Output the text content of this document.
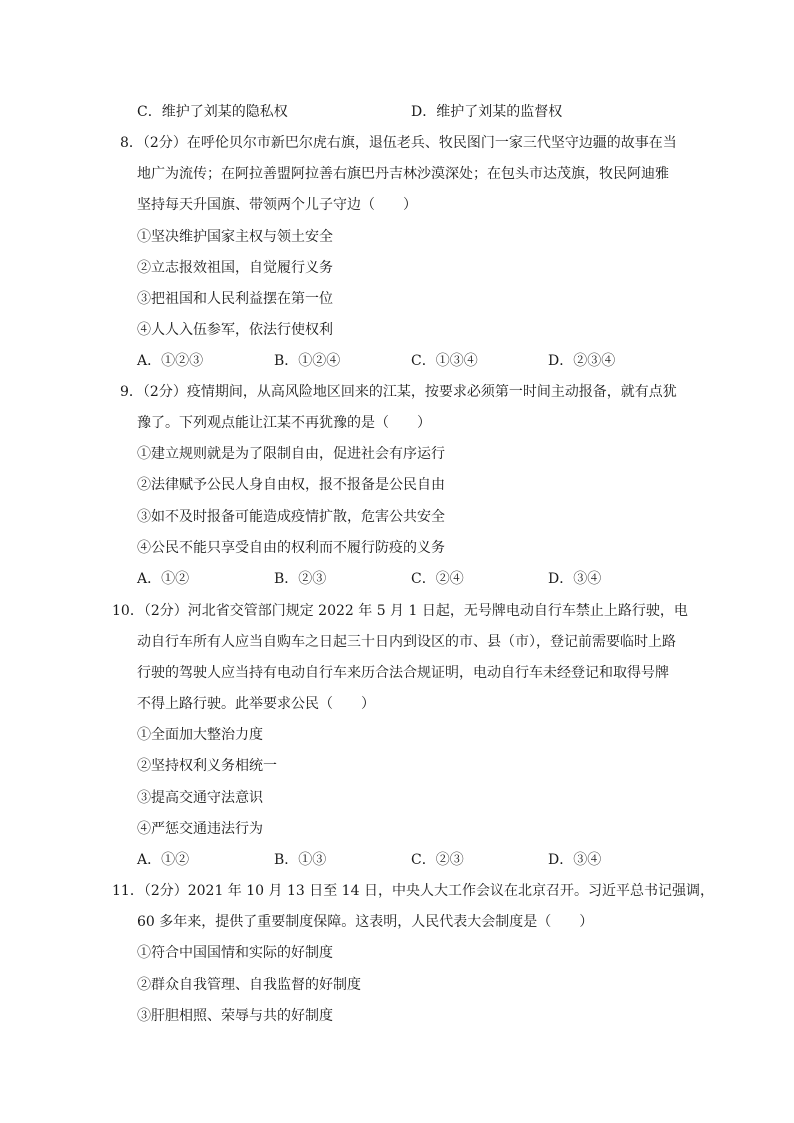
C．维护了刘某的隐私权	D．维护了刘某的监督权
8．（2分）在呼伦贝尔市新巴尔虎右旗，退伍老兵、牧民图门一家三代坚守边疆的故事在当
地广为流传；在阿拉善盟阿拉善右旗巴丹吉林沙漠深处；在包头市达茂旗，牧民阿迪雅
坚持每天升国旗、带领两个儿子守边（　　）
①坚决维护国家主权与领土安全
②立志报效祖国，自觉履行义务
③把祖国和人民利益摆在第一位
④人人入伍参军，依法行使权利
A．①②③	B．①②④	C．①③④	D．②③④
9．（2分）疫情期间，从高风险地区回来的江某，按要求必须第一时间主动报备，就有点犹
豫了。下列观点能让江某不再犹豫的是（　　）
①建立规则就是为了限制自由，促进社会有序运行
②法律赋予公民人身自由权，报不报备是公民自由
③如不及时报备可能造成疫情扩散，危害公共安全
④公民不能只享受自由的权利而不履行防疫的义务
A．①②	B．②③	C．②④	D．③④
10．（2分）河北省交管部门规定 2022 年 5 月 1 日起，无号牌电动自行车禁止上路行驶，电
动自行车所有人应当自购车之日起三十日内到设区的市、县（市），登记前需要临时上路
行驶的驾驶人应当持有电动自行车来历合法合规证明，电动自行车未经登记和取得号牌
不得上路行驶。此举要求公民（　　）
①全面加大整治力度
②坚持权利义务相统一
③提高交通守法意识
④严惩交通违法行为
A．①②	B．①③	C．②③	D．③④
11．（2分）2021 年 10 月 13 日至 14 日，中央人大工作会议在北京召开。习近平总书记强调，
60 多年来，提供了重要制度保障。这表明，人民代表大会制度是（　　）
①符合中国国情和实际的好制度
②群众自我管理、自我监督的好制度
③肝胆相照、荣辱与共的好制度
